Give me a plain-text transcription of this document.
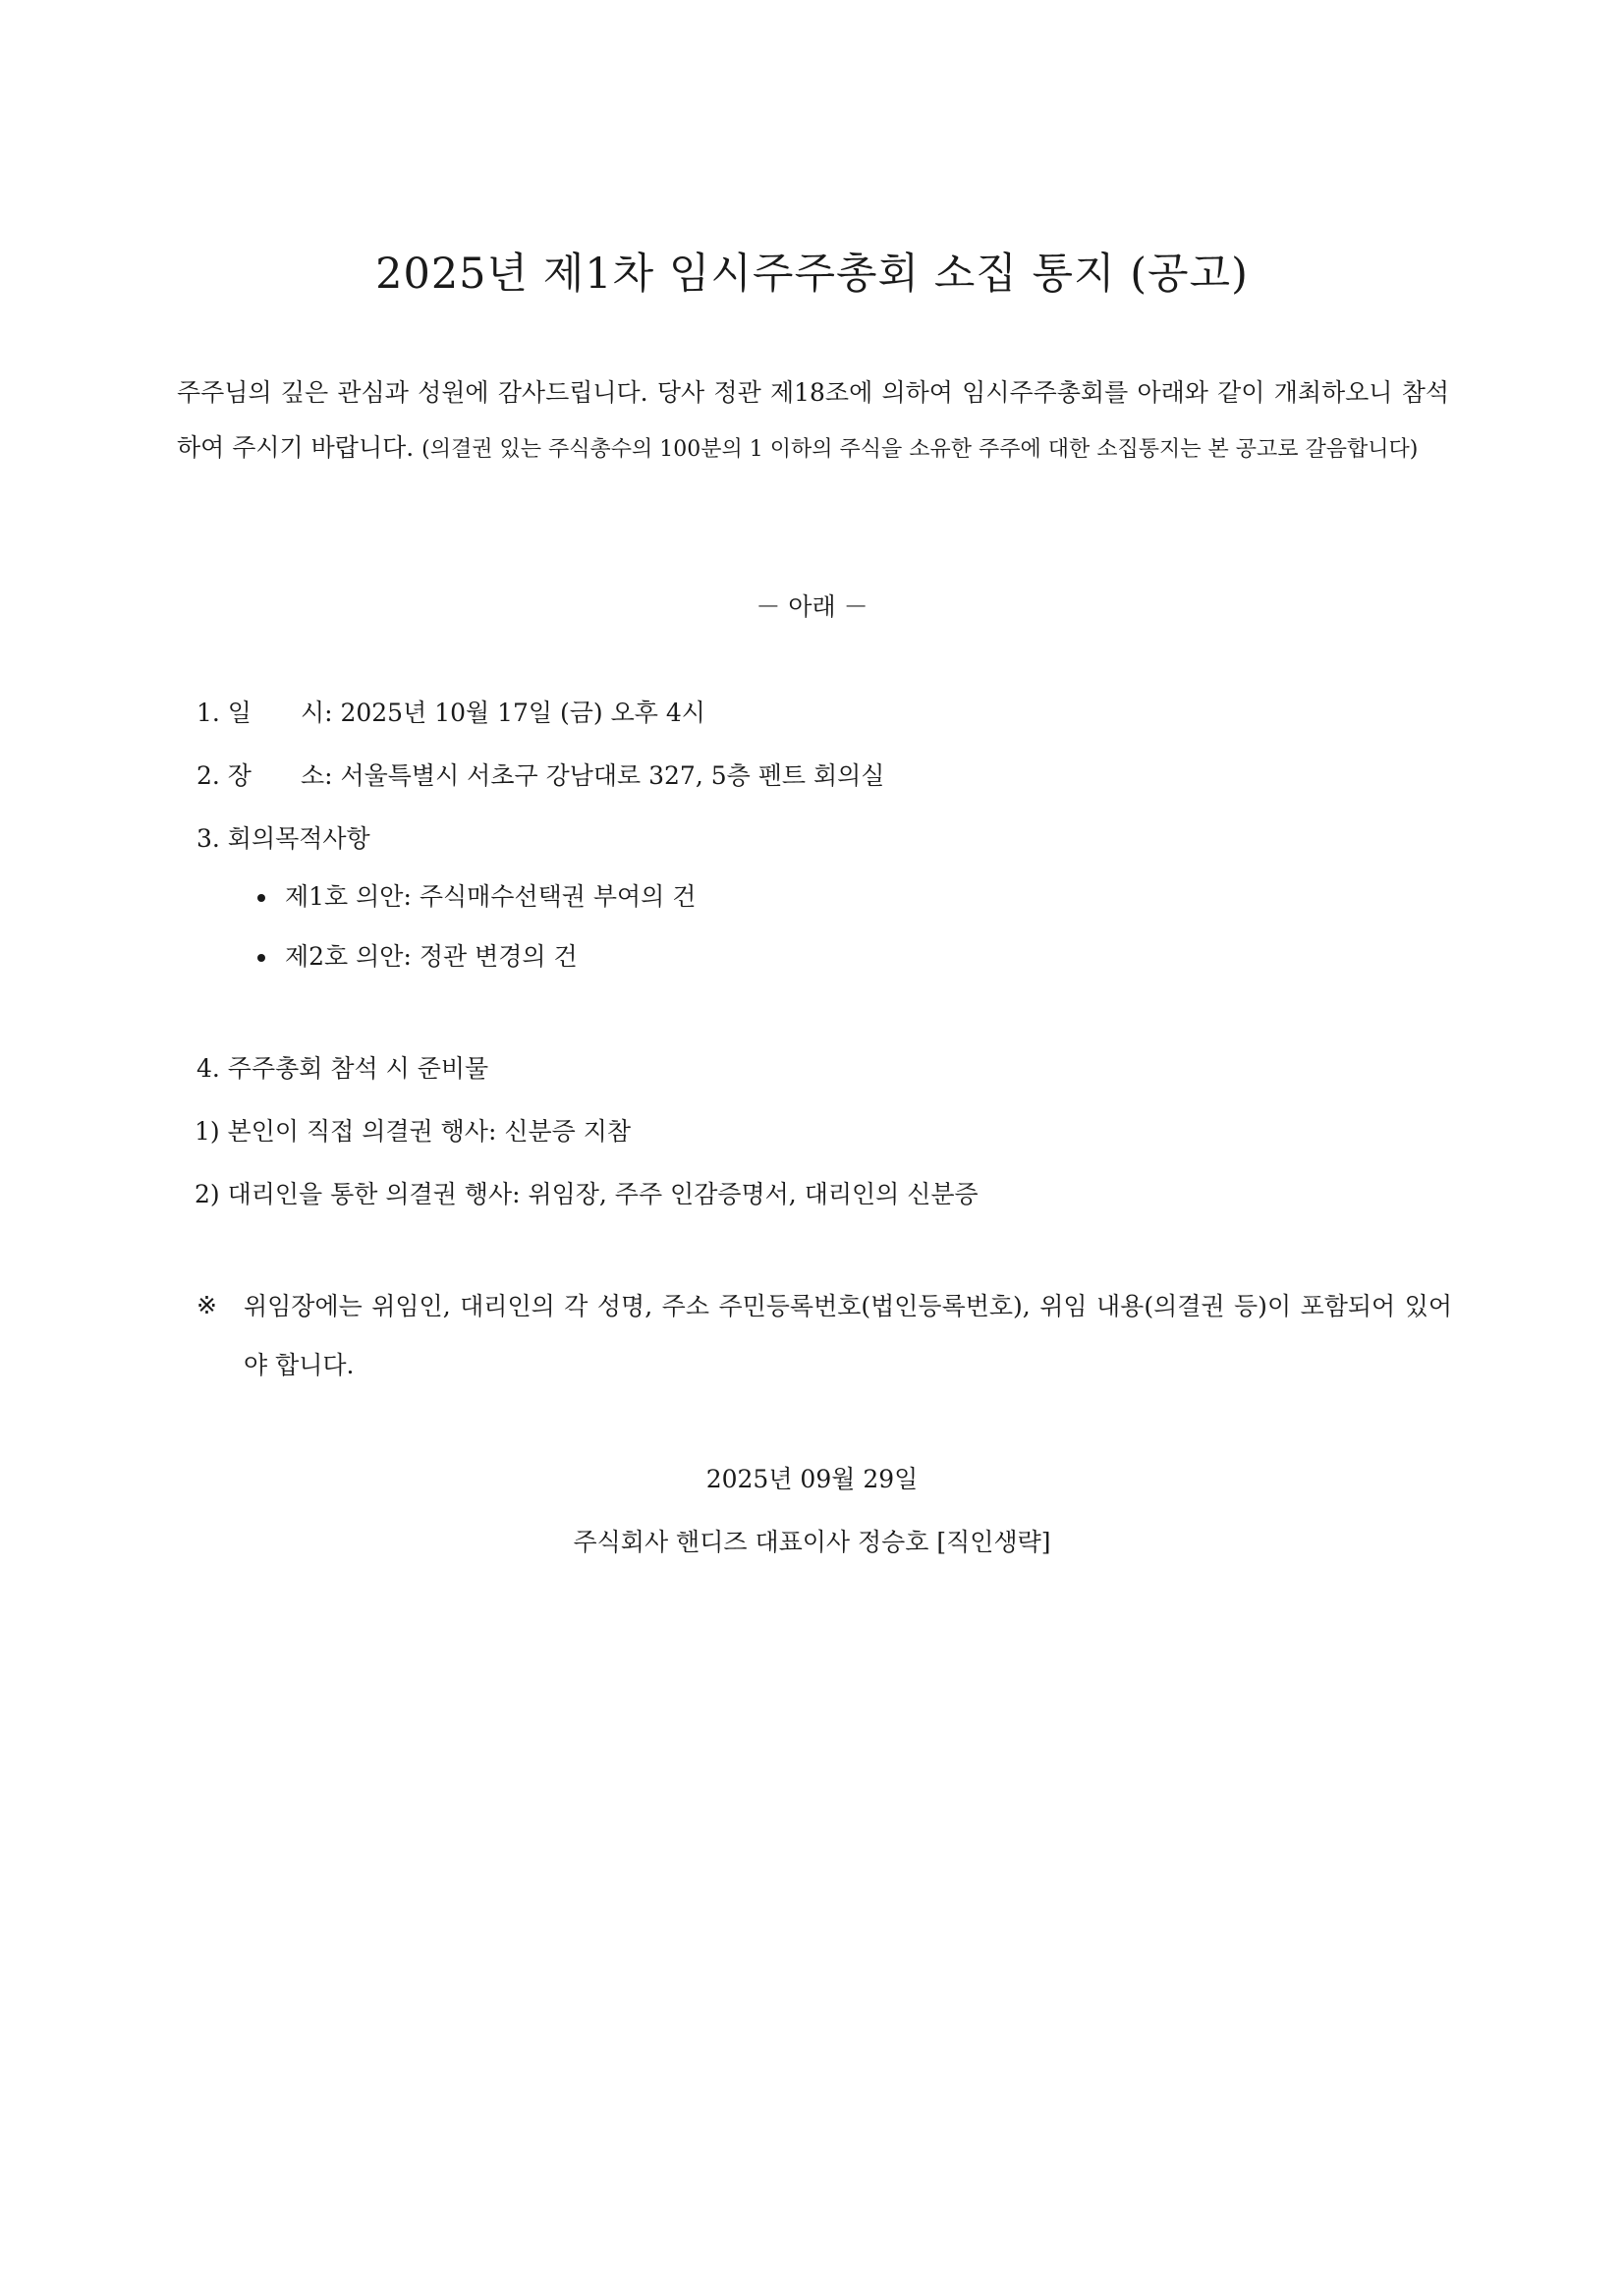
2025년 제1차 임시주주총회 소집 통지 (공고)
주주님의 깊은 관심과 성원에 감사드립니다. 당사 정관 제18조에 의하여 임시주주총회를 아래와 같이 개최하오니 참석하여 주시기 바랍니다. (의결권 있는 주식총수의 100분의 1 이하의 주식을 소유한 주주에 대한 소집통지는 본 공고로 갈음합니다)
－ 아래 －
1. 일　　시: 2025년 10월 17일 (금) 오후 4시
2. 장　　소: 서울특별시 서초구 강남대로 327, 5층 펜트 회의실
3. 회의목적사항
제1호 의안: 주식매수선택권 부여의 건
제2호 의안: 정관 변경의 건
4. 주주총회 참석 시 준비물
1) 본인이 직접 의결권 행사: 신분증 지참
2) 대리인을 통한 의결권 행사: 위임장, 주주 인감증명서, 대리인의 신분증
※ 위임장에는 위임인, 대리인의 각 성명, 주소 주민등록번호(법인등록번호), 위임 내용(의결권 등)이 포함되어 있어야 합니다.
2025년 09월 29일
주식회사 핸디즈 대표이사 정승호 [직인생략]
